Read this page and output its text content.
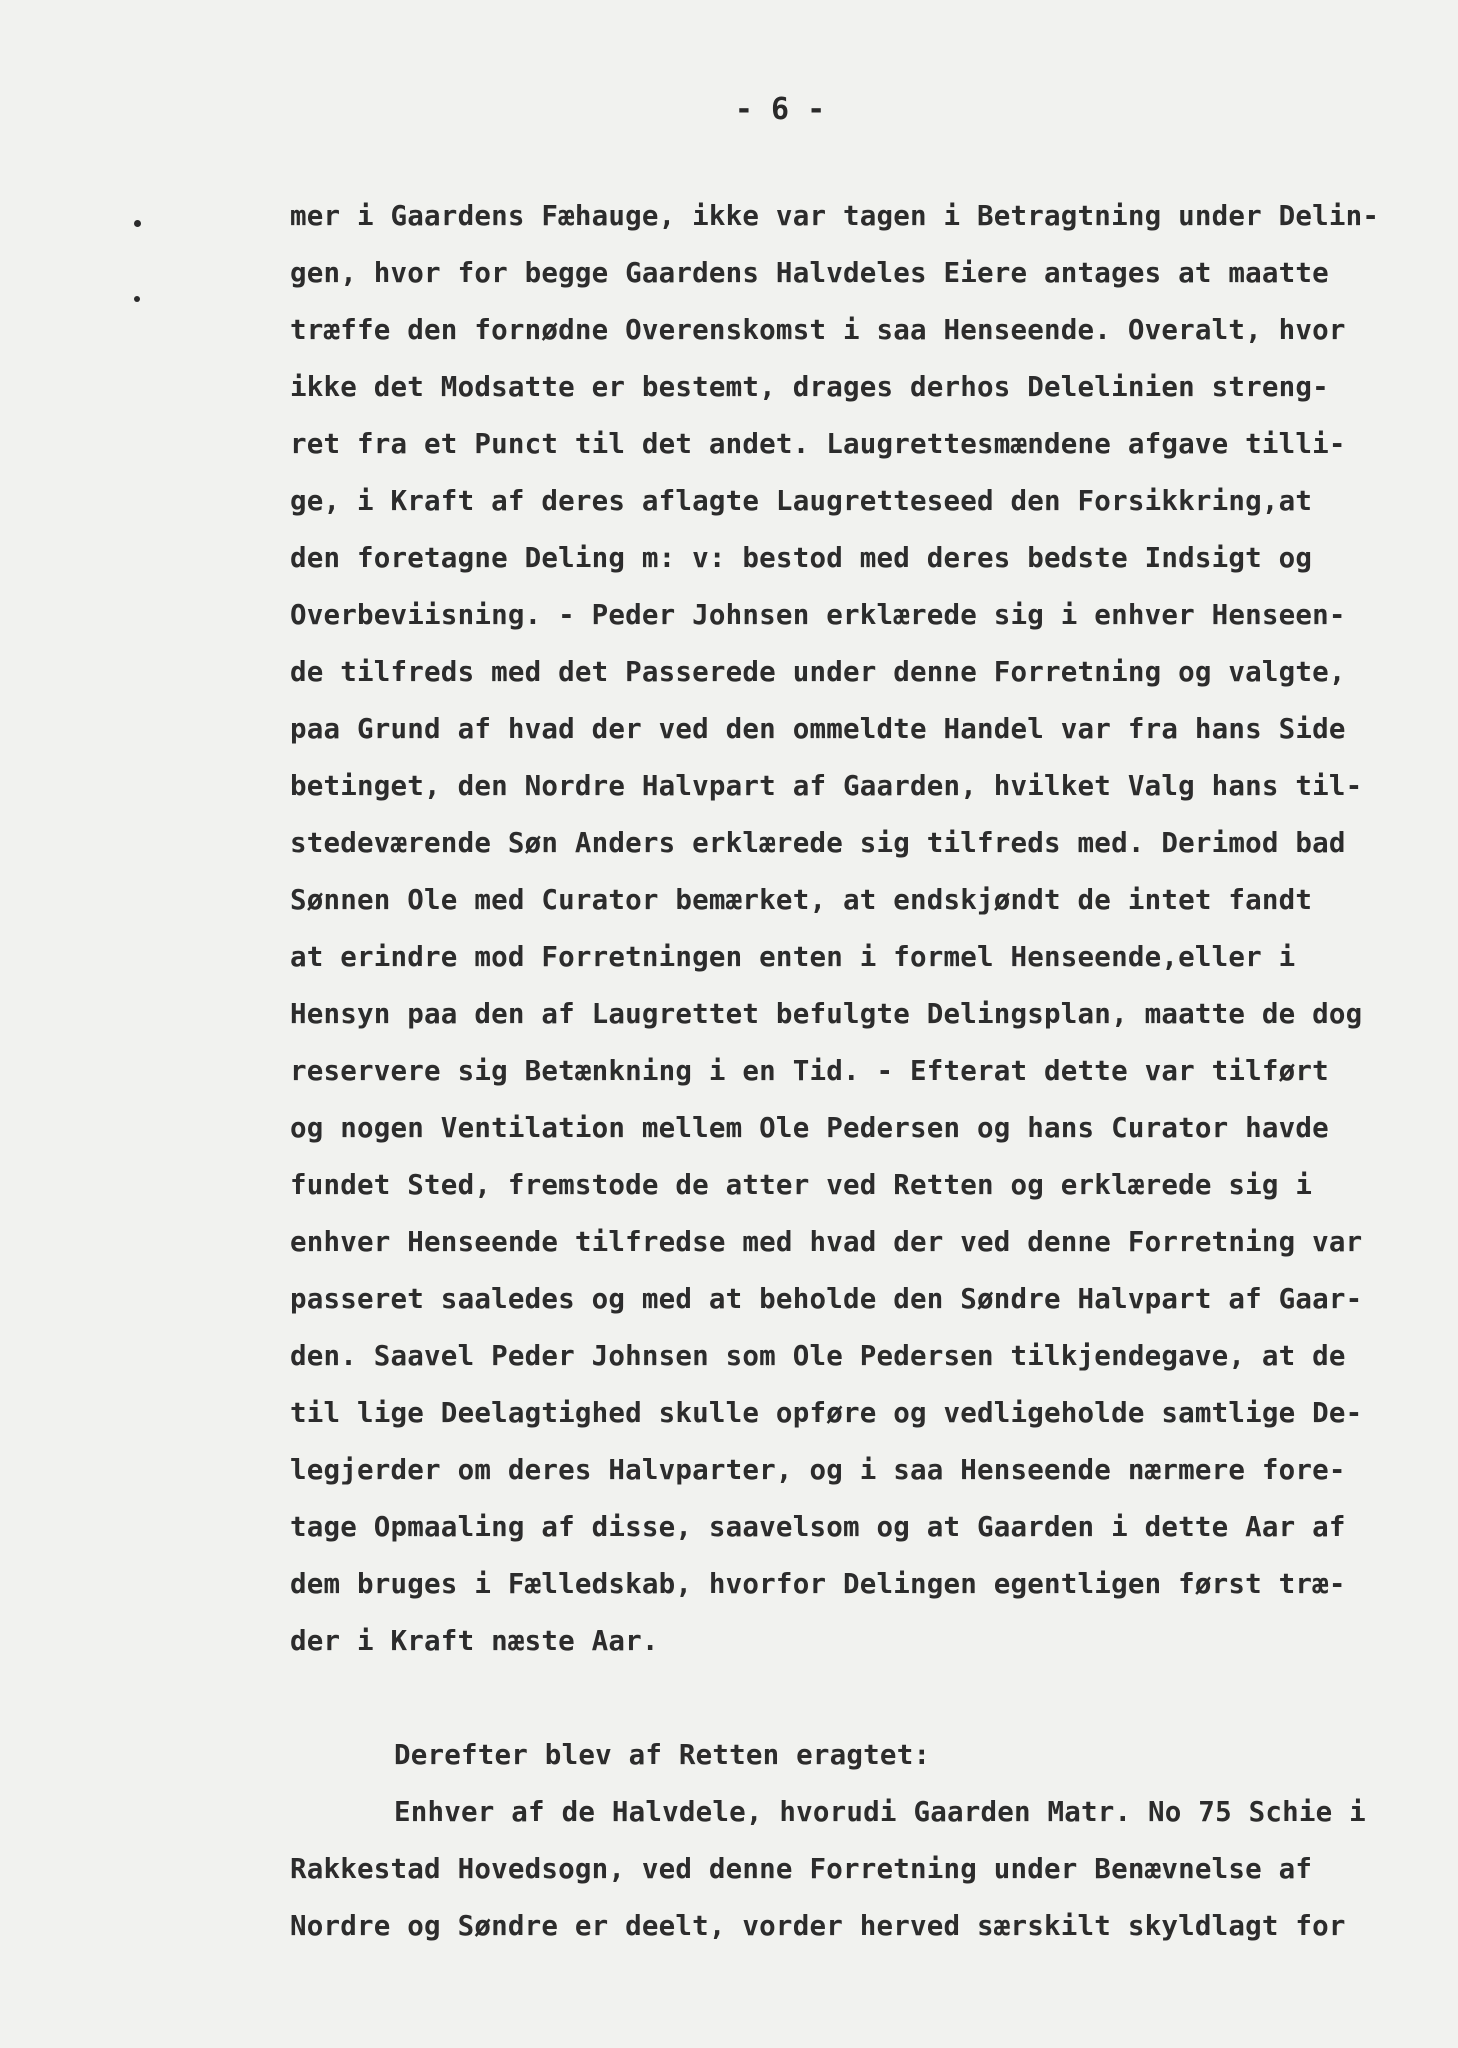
- 6 -
mer i Gaardens Fæhauge, ikke var tagen i Betragtning under Delin-
gen, hvor for begge Gaardens Halvdeles Eiere antages at maatte
træffe den fornødne Overenskomst i saa Henseende. Overalt, hvor
ikke det Modsatte er bestemt, drages derhos Delelinien streng-
ret fra et Punct til det andet. Laugrettesmændene afgave tilli-
ge, i Kraft af deres aflagte Laugretteseed den Forsikkring,at
den foretagne Deling m: v: bestod med deres bedste Indsigt og
Overbeviisning. - Peder Johnsen erklærede sig i enhver Henseen-
de tilfreds med det Passerede under denne Forretning og valgte,
paa Grund af hvad der ved den ommeldte Handel var fra hans Side
betinget, den Nordre Halvpart af Gaarden, hvilket Valg hans til-
stedeværende Søn Anders erklærede sig tilfreds med. Derimod bad
Sønnen Ole med Curator bemærket, at endskjøndt de intet fandt
at erindre mod Forretningen enten i formel Henseende,eller i
Hensyn paa den af Laugrettet befulgte Delingsplan, maatte de dog
reservere sig Betænkning i en Tid. - Efterat dette var tilført
og nogen Ventilation mellem Ole Pedersen og hans Curator havde
fundet Sted, fremstode de atter ved Retten og erklærede sig i
enhver Henseende tilfredse med hvad der ved denne Forretning var
passeret saaledes og med at beholde den Søndre Halvpart af Gaar-
den. Saavel Peder Johnsen som Ole Pedersen tilkjendegave, at de
til lige Deelagtighed skulle opføre og vedligeholde samtlige De-
legjerder om deres Halvparter, og i saa Henseende nærmere fore-
tage Opmaaling af disse, saavelsom og at Gaarden i dette Aar af
dem bruges i Fælledskab, hvorfor Delingen egentligen først træ-
der i Kraft næste Aar.
Derefter blev af Retten eragtet:
Enhver af de Halvdele, hvorudi Gaarden Matr. No 75 Schie i
Rakkestad Hovedsogn, ved denne Forretning under Benævnelse af
Nordre og Søndre er deelt, vorder herved særskilt skyldlagt for
